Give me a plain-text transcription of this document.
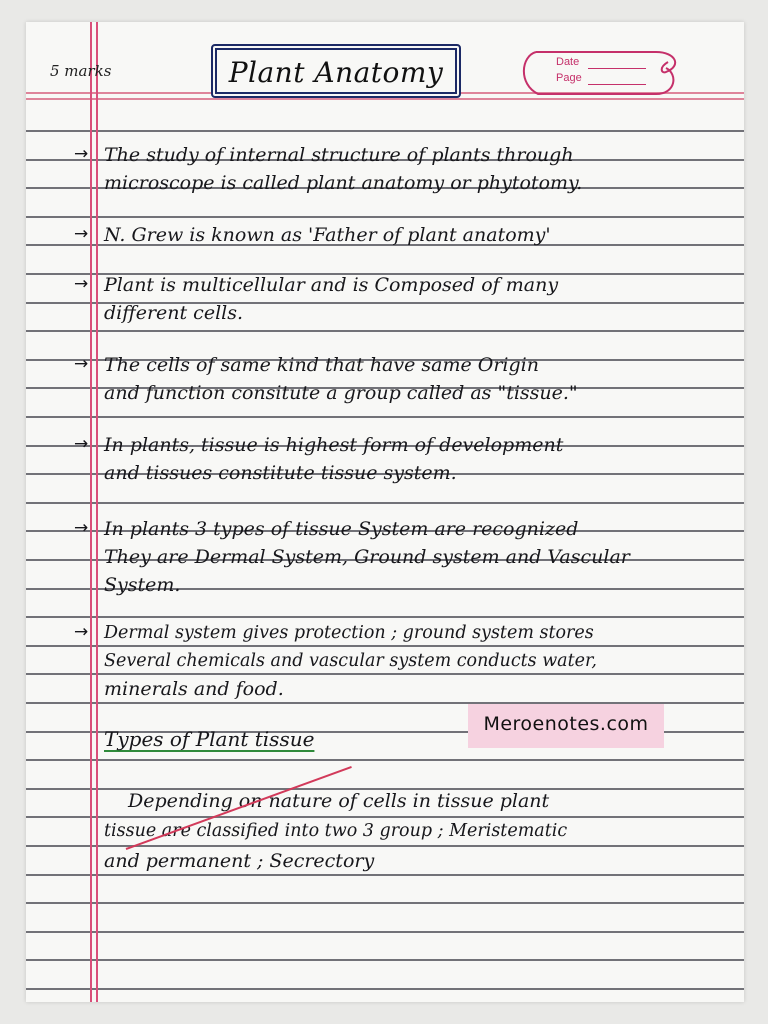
5 marks	Plant Anatomy	Date
Page
→ The study of internal structure of plants through
microscope is called plant anatomy or phytotomy.
→ N. Grew is known as 'Father of plant anatomy'
→ Plant is multicellular and is Composed of many
different cells.
→ The cells of same kind that have same Origin
and function consitute a group called as "tissue."
→ In plants, tissue is highest form of development
and tissues constitute tissue system.
→ In plants 3 types of tissue System are recognized
They are Dermal System, Ground system and Vascular
System.
→ Dermal system gives protection ; ground system stores
Several chemicals and vascular system conducts water,
minerals and food.
Meroenotes.com
Types of Plant tissue
Depending on nature of cells in tissue plant
tissue are classified into two 3 group ; Meristematic
and permanent ; Secrectory
